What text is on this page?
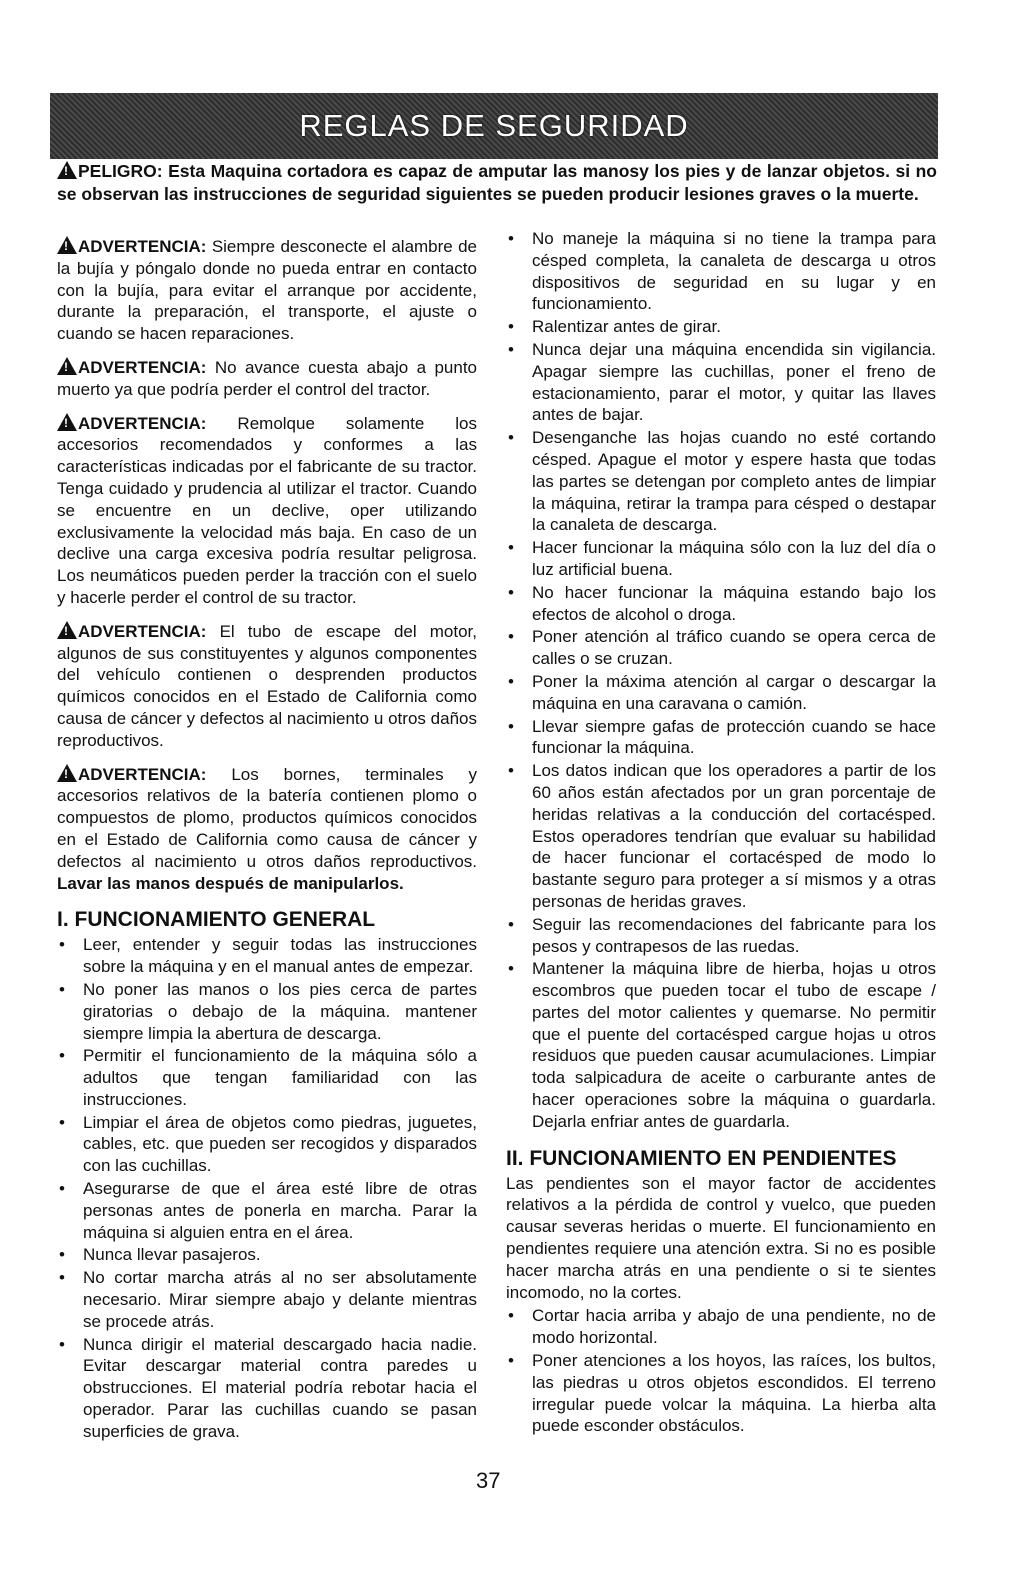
REGLAS DE SEGURIDAD
!PELIGRO: Esta Maquina cortadora es capaz de amputar las manosy los pies y de lanzar objetos. si no se observan las instrucciones de seguridad siguientes se pueden producir lesiones graves o la muerte.

!ADVERTENCIA: Siempre desconecte el alambre de la bujía y póngalo donde no pueda entrar en contacto con la bujía, para evitar el arranque por accidente, durante la preparación, el transporte, el ajuste o cuando se hacen reparaciones.

!ADVERTENCIA: No avance cuesta abajo a punto muerto ya que podría perder el control del tractor.

!ADVERTENCIA: Remolque solamente los accesorios recomendados y conformes a las características indicadas por el fabricante de su tractor. Tenga cuidado y prudencia al utilizar el tractor. Cuando se encuentre en un declive, oper utilizando exclusivamente la velocidad más baja. En caso de un declive una carga excesiva podría resultar peligrosa. Los neumáticos pueden perder la tracción con el suelo y hacerle perder el control de su tractor.

!ADVERTENCIA: El tubo de escape del motor, algunos de sus constituyentes y algunos componentes del vehículo contienen o desprenden productos químicos conocidos en el Estado de California como causa de cáncer y defectos al nacimiento u otros daños reproductivos.

!ADVERTENCIA: Los bornes, terminales y accesorios relativos de la batería contienen plomo o compuestos de plomo, productos químicos conocidos en el Estado de California como causa de cáncer y defectos al nacimiento u otros daños reproductivos. Lavar las manos después de manipularlos.

I. FUNCIONAMIENTO GENERAL
• Leer, entender y seguir todas las instrucciones sobre la máquina y en el manual antes de empezar.
• No poner las manos o los pies cerca de partes giratorias o debajo de la máquina. mantener siempre limpia la abertura de descarga.
• Permitir el funcionamiento de la máquina sólo a adultos que tengan familiaridad con las instrucciones.
• Limpiar el área de objetos como piedras, juguetes, cables, etc. que pueden ser recogidos y disparados con las cuchillas.
• Asegurarse de que el área esté libre de otras personas antes de ponerla en marcha. Parar la máquina si alguien entra en el área.
• Nunca llevar pasajeros.
• No cortar marcha atrás al no ser absolutamente necesario. Mirar siempre abajo y delante mientras se procede atrás.
• Nunca dirigir el material descargado hacia nadie. Evitar descargar material contra paredes u obstrucciones. El material podría rebotar hacia el operador. Parar las cuchillas cuando se pasan superficies de grava.
• No maneje la máquina si no tiene la trampa para césped completa, la canaleta de descarga u otros dispositivos de seguridad en su lugar y en funcionamiento.
• Ralentizar antes de girar.
• Nunca dejar una máquina encendida sin vigilancia. Apagar siempre las cuchillas, poner el freno de estacionamiento, parar el motor, y quitar las llaves antes de bajar.
• Desenganche las hojas cuando no esté cortando césped. Apague el motor y espere hasta que todas las partes se detengan por completo antes de limpiar la máquina, retirar la trampa para césped o destapar la canaleta de descarga.
• Hacer funcionar la máquina sólo con la luz del día o luz artificial buena.
• No hacer funcionar la máquina estando bajo los efectos de alcohol o droga.
• Poner atención al tráfico cuando se opera cerca de calles o se cruzan.
• Poner la máxima atención al cargar o descargar la máquina en una caravana o camión.
• Llevar siempre gafas de protección cuando se hace funcionar la máquina.
• Los datos indican que los operadores a partir de los 60 años están afectados por un gran porcentaje de heridas relativas a la conducción del cortacésped. Estos operadores tendrían que evaluar su habilidad de hacer funcionar el cortacésped de modo lo bastante seguro para proteger a sí mismos y a otras personas de heridas graves.
• Seguir las recomendaciones del fabricante para los pesos y contrapesos de las ruedas.
• Mantener la máquina libre de hierba, hojas u otros escombros que pueden tocar el tubo de escape / partes del motor calientes y quemarse. No permitir que el puente del cortacésped cargue hojas u otros residuos que pueden causar acumulaciones. Limpiar toda salpicadura de aceite o carburante antes de hacer operaciones sobre la máquina o guardarla. Dejarla enfriar antes de guardarla.
II. FUNCIONAMIENTO EN PENDIENTES

Las pendientes son el mayor factor de accidentes relativos a la pérdida de control y vuelco, que pueden causar severas heridas o muerte. El funcionamiento en pendientes requiere una atención extra. Si no es posible hacer marcha atrás en una pendiente o si te sientes incomodo, no la cortes.

• Cortar hacia arriba y abajo de una pendiente, no de modo horizontal.
• Poner atenciones a los hoyos, las raíces, los bultos, las piedras u otros objetos escondidos. El terreno irregular puede volcar la máquina. La hierba alta puede esconder obstáculos.
37
